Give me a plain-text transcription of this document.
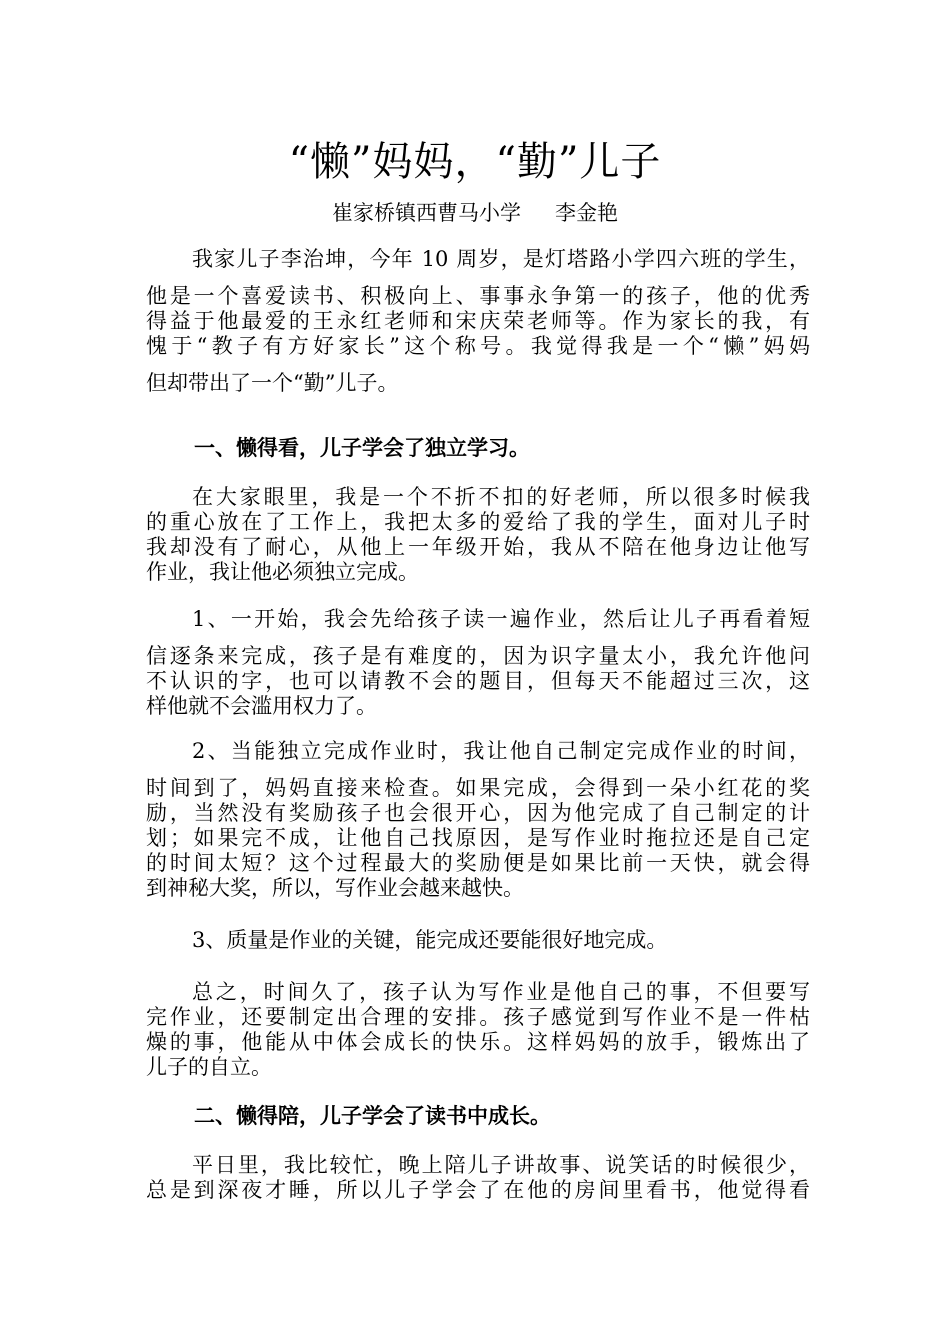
“懒”妈妈，“勤”儿子
崔家桥镇西曹马小学 李金艳
我家儿子李治坤，今年 10 周岁，是灯塔路小学四六班的学生，
他是一个喜爱读书、积极向上、事事永争第一的孩子，他的优秀
得益于他最爱的王永红老师和宋庆荣老师等。作为家长的我，有
愧于“教子有方好家长”这个称号。我觉得我是一个“懒”妈妈
但却带出了一个“勤”儿子。
一、懒得看，儿子学会了独立学习。
在大家眼里，我是一个不折不扣的好老师，所以很多时候我
的重心放在了工作上，我把太多的爱给了我的学生，面对儿子时
我却没有了耐心，从他上一年级开始，我从不陪在他身边让他写
作业，我让他必须独立完成。
1、一开始，我会先给孩子读一遍作业，然后让儿子再看着短
信逐条来完成，孩子是有难度的，因为识字量太小，我允许他问
不认识的字，也可以请教不会的题目，但每天不能超过三次，这
样他就不会滥用权力了。
2、当能独立完成作业时，我让他自己制定完成作业的时间，
时间到了，妈妈直接来检查。如果完成，会得到一朵小红花的奖
励，当然没有奖励孩子也会很开心，因为他完成了自己制定的计
划；如果完不成，让他自己找原因，是写作业时拖拉还是自己定
的时间太短？这个过程最大的奖励便是如果比前一天快，就会得
到神秘大奖，所以，写作业会越来越快。
3、质量是作业的关键，能完成还要能很好地完成。
总之，时间久了，孩子认为写作业是他自己的事，不但要写
完作业，还要制定出合理的安排。孩子感觉到写作业不是一件枯
燥的事，他能从中体会成长的快乐。这样妈妈的放手，锻炼出了
儿子的自立。
二、懒得陪，儿子学会了读书中成长。
平日里，我比较忙，晚上陪儿子讲故事、说笑话的时候很少，
总是到深夜才睡，所以儿子学会了在他的房间里看书，他觉得看
